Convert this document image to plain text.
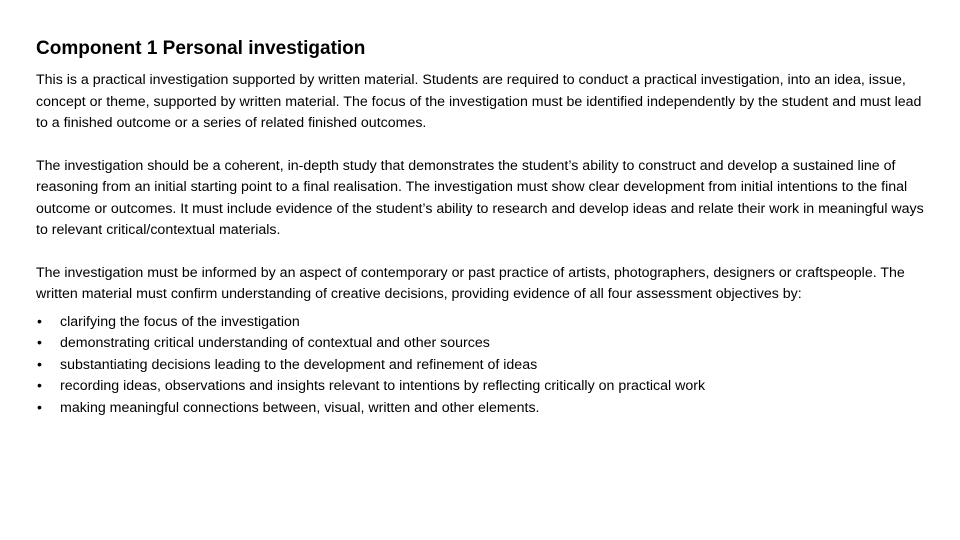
Component 1 Personal investigation

This is a practical investigation supported by written material. Students are required to conduct a practical investigation, into an idea, issue, concept or theme, supported by written material. The focus of the investigation must be identified independently by the student and must lead to a finished outcome or a series of related finished outcomes.

The investigation should be a coherent, in-depth study that demonstrates the student’s ability to construct and develop a sustained line of reasoning from an initial starting point to a final realisation. The investigation must show clear development from initial intentions to the final outcome or outcomes. It must include evidence of the student’s ability to research and develop ideas and relate their work in meaningful ways to relevant critical/contextual materials.

The investigation must be informed by an aspect of contemporary or past practice of artists, photographers, designers or craftspeople. The written material must confirm understanding of creative decisions, providing evidence of all four assessment objectives by:

•	clarifying the focus of the investigation
•	demonstrating critical understanding of contextual and other sources
•	substantiating decisions leading to the development and refinement of ideas
•	recording ideas, observations and insights relevant to intentions by reflecting critically on practical work
•	making meaningful connections between, visual, written and other elements.
